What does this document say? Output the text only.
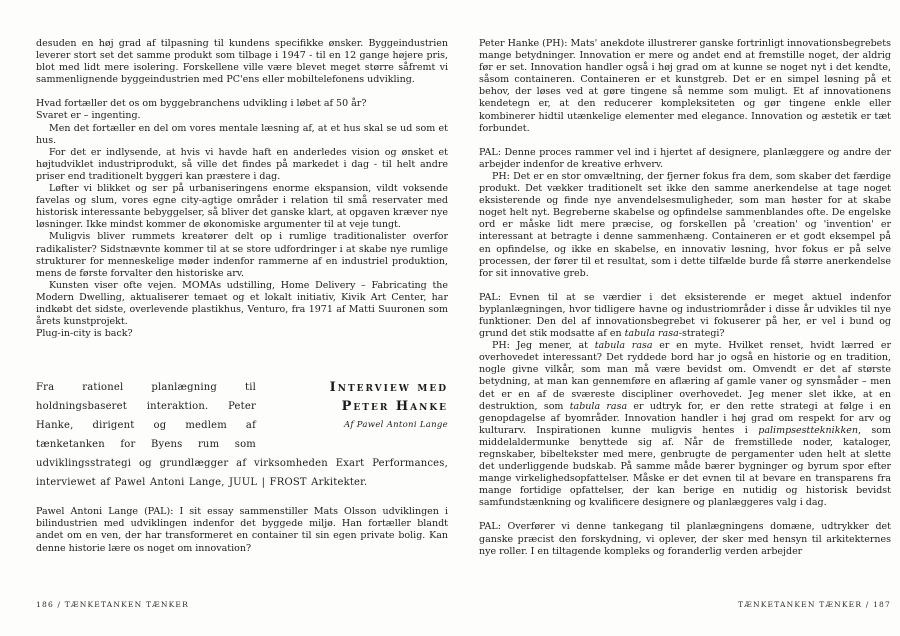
desuden en høj grad af tilpasning til kundens specifikke ønsker. Byggeindustrien leverer stort set det samme produkt som tilbage i 1947 - til en 12 gange højere pris, blot med lidt mere isolering. Forskellene ville være blevet meget større såfremt vi sammenlignende byggeindustrien med PC'ens eller mobiltelefonens udvikling.

Hvad fortæller det os om byggebranchens udvikling i løbet af 50 år?

Svaret er – ingenting.

Men det fortæller en del om vores mentale læsning af, at et hus skal se ud som et hus.

For det er indlysende, at hvis vi havde haft en anderledes vision og ønsket et højtudviklet industriprodukt, så ville det findes på markedet i dag - til helt andre priser end traditionelt byggeri kan præstere i dag.

Løfter vi blikket og ser på urbaniseringens enorme ekspansion, vildt voksende favelas og slum, vores egne city-agtige områder i relation til små reservater med historisk interessante bebyggelser, så bliver det ganske klart, at opgaven kræver nye løsninger. Ikke mindst kommer de økonomiske argumenter til at veje tungt.

Muligvis bliver rummets kreatører delt op i rumlige traditionalister overfor radikalister? Sidstnævnte kommer til at se store udfordringer i at skabe nye rumlige strukturer for menneskelige møder indenfor rammerne af en industriel produktion, mens de første forvalter den historiske arv.

Kunsten viser ofte vejen. MOMAs udstilling, Home Delivery – Fabricating the Modern Dwelling, aktualiserer temaet og et lokalt initiativ, Kivik Art Center, har indkøbt det sidste, overlevende plastikhus, Venturo, fra 1971 af Matti Suuronen som årets kunstprojekt.

Plug-in-city is back?

Interview med
Peter Hanke
Af Pawel Antoni Lange

Fra rationel planlægning til holdningsbaseret interaktion. Peter Hanke, dirigent og medlem af tænketanken for Byens rum som udviklingsstrategi og grundlægger af virksomheden Exart Performances, interviewet af Pawel Antoni Lange, JUUL | FROST Arkitekter.

Pawel Antoni Lange (PAL): I sit essay sammenstiller Mats Olsson udviklingen i bilindustrien med udviklingen indenfor det byggede miljø. Han fortæller blandt andet om en ven, der har transformeret en container til sin egen private bolig. Kan denne historie lære os noget om innovation?

Peter Hanke (PH): Mats' anekdote illustrerer ganske fortrinligt innovationsbegrebets mange betydninger. Innovation er mere og andet end at fremstille noget, der aldrig før er set. Innovation handler også i høj grad om at kunne se noget nyt i det kendte, såsom containeren. Containeren er et kunstgreb. Det er en simpel løsning på et behov, der løses ved at gøre tingene så nemme som muligt. Et af innovationens kendetegn er, at den reducerer kompleksiteten og gør tingene enkle eller kombinerer hidtil utænkelige elementer med elegance. Innovation og æstetik er tæt forbundet.

PAL: Denne proces rammer vel ind i hjertet af designere, planlæggere og andre der arbejder indenfor de kreative erhverv.

PH: Det er en stor omvæltning, der fjerner fokus fra dem, som skaber det færdige produkt. Det vækker traditionelt set ikke den samme anerkendelse at tage noget eksisterende og finde nye anvendelsesmuligheder, som man høster for at skabe noget helt nyt. Begreberne skabelse og opfindelse sammenblandes ofte. De engelske ord er måske lidt mere præcise, og forskellen på 'creation' og 'invention' er interessant at betragte i denne sammenhæng. Containeren er et godt eksempel på en opfindelse, og ikke en skabelse, en innovativ løsning, hvor fokus er på selve processen, der fører til et resultat, som i dette tilfælde burde få større anerkendelse for sit innovative greb.

PAL: Evnen til at se værdier i det eksisterende er meget aktuel indenfor byplanlægningen, hvor tidligere havne og industriområder i disse år udvikles til nye funktioner. Den del af innovationsbegrebet vi fokuserer på her, er vel i bund og grund det stik modsatte af en tabula rasa-strategi?

PH: Jeg mener, at tabula rasa er en myte. Hvilket renset, hvidt lærred er overhovedet interessant? Det ryddede bord har jo også en historie og en tradition, nogle givne vilkår, som man må være bevidst om. Omvendt er det af største betydning, at man kan gennemføre en aflæring af gamle vaner og synsmåder – men det er en af de sværeste discipliner overhovedet. Jeg mener slet ikke, at en destruktion, som tabula rasa er udtryk for, er den rette strategi at følge i en genopdagelse af byområder. Innovation handler i høj grad om respekt for arv og kulturarv. Inspirationen kunne muligvis hentes i palimpsestteknikken, som middelaldermunke benyttede sig af. Når de fremstillede noder, kataloger, regnskaber, bibeltekster med mere, genbrugte de pergamenter uden helt at slette det underliggende budskab. På samme måde bærer bygninger og byrum spor efter mange virkelighedsopfattelser. Måske er det evnen til at bevare en transparens fra mange fortidige opfattelser, der kan berige en nutidig og historisk bevidst samfundstænkning og kvalificere designere og planlæggeres valg i dag.

PAL: Overfører vi denne tankegang til planlægningens domæne, udtrykker det ganske præcist den forskydning, vi oplever, der sker med hensyn til arkitekternes nye roller. I en tiltagende kompleks og foranderlig verden arbejder

186 / TÆNKETANKEN TÆNKER	TÆNKETANKEN TÆNKER / 187
